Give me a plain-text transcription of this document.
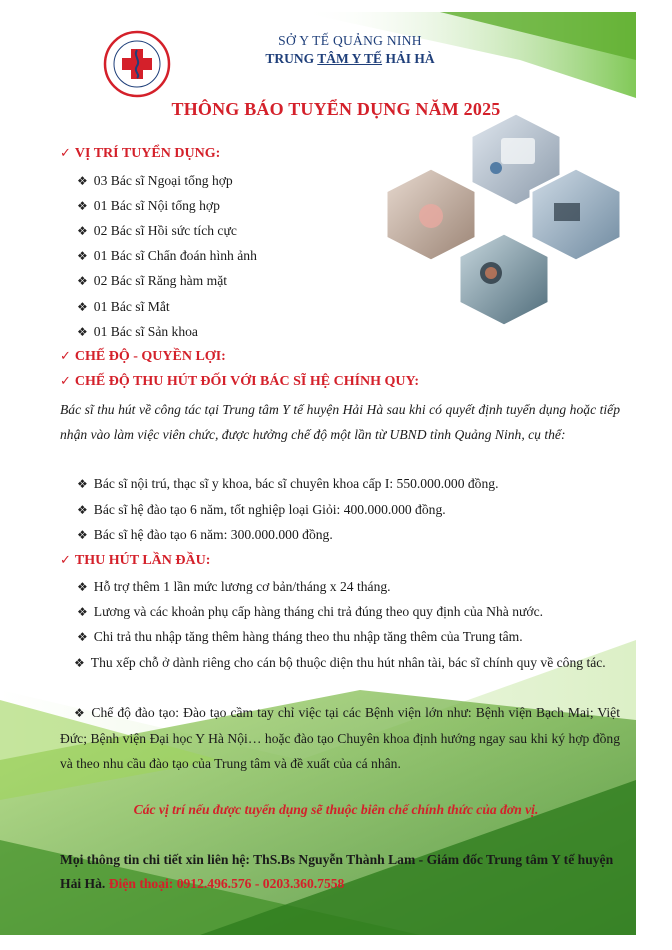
SỞ Y TẾ QUẢNG NINH
TRUNG TÂM Y TẾ HẢI HÀ
THÔNG BÁO TUYỂN DỤNG NĂM 2025
✓ VỊ TRÍ TUYỂN DỤNG:
❖ 03 Bác sĩ Ngoại tổng hợp
❖ 01 Bác sĩ Nội tổng hợp
❖ 02 Bác sĩ Hồi sức tích cực
❖ 01 Bác sĩ Chẩn đoán hình ảnh
❖ 02 Bác sĩ Răng hàm mặt
❖ 01 Bác sĩ Mắt
❖ 01 Bác sĩ Sản khoa
✓ CHẾ ĐỘ - QUYỀN LỢI:
✓ CHẾ ĐỘ THU HÚT ĐỐI VỚI BÁC SĨ HỆ CHÍNH QUY:
Bác sĩ thu hút về công tác tại Trung tâm Y tế huyện Hải Hà sau khi có quyết định tuyển dụng hoặc tiếp nhận vào làm việc viên chức, được hưởng chế độ một lần từ UBND tỉnh Quảng Ninh, cụ thể:
❖ Bác sĩ nội trú, thạc sĩ y khoa, bác sĩ chuyên khoa cấp I: 550.000.000 đồng.
❖ Bác sĩ hệ đào tạo 6 năm, tốt nghiệp loại Giỏi: 400.000.000 đồng.
❖ Bác sĩ hệ đào tạo 6 năm: 300.000.000 đồng.
✓ THU HÚT LẦN ĐẦU:
❖ Hỗ trợ thêm 1 lần mức lương cơ bản/tháng x 24 tháng.
❖ Lương và các khoản phụ cấp hàng tháng chi trả đúng theo quy định của Nhà nước.
❖ Chi trả thu nhập tăng thêm hàng tháng theo thu nhập tăng thêm của Trung tâm.
❖ Thu xếp chỗ ở dành riêng cho cán bộ thuộc diện thu hút nhân tài, bác sĩ chính quy về công tác.
❖ Chế độ đào tạo: Đào tạo cầm tay chỉ việc tại các Bệnh viện lớn như: Bệnh viện Bạch Mai; Việt Đức; Bệnh viện Đại học Y Hà Nội… hoặc đào tạo Chuyên khoa định hướng ngay sau khi ký hợp đồng và theo nhu cầu đào tạo của Trung tâm và đề xuất của cá nhân.
Các vị trí nếu được tuyển dụng sẽ thuộc biên chế chính thức của đơn vị.
Mọi thông tin chi tiết xin liên hệ: ThS.Bs Nguyễn Thành Lam - Giám đốc Trung tâm Y tế huyện Hải Hà. Điện thoại: 0912.496.576 - 0203.360.7558
